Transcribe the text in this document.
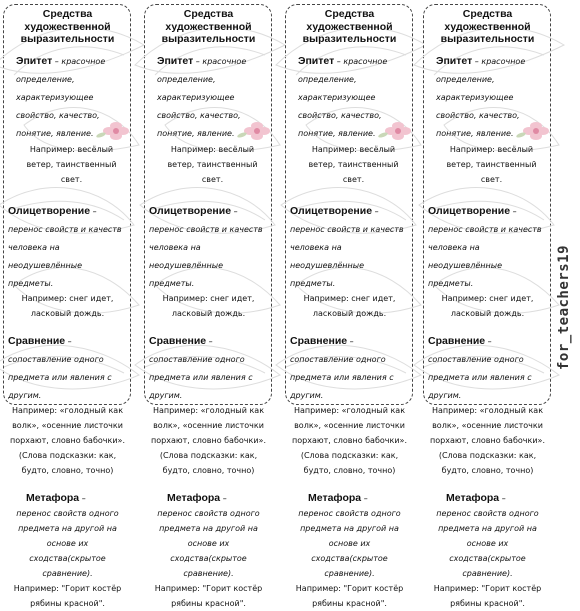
Средства художественной выразительности
Эпитет – красочное определение, характеризующее свойство, качество, понятие, явление.
Например: весёлый ветер, таинственный свет.
Олицетворение – перенос свойств и качеств человека на неодушевлённые предметы.
Например: снег идет, ласковый дождь.
Сравнение –сопоставление одного предмета или явления с другим.
Например: «голодный как волк», «осенние листочки порхают, словно бабочки».
(Слова подсказки: как, будто, словно, точно)
Метафора –
перенос свойств одного предмета на другой на основе их сходства(скрытое сравнение).
Например: "Горит костёр рябины красной".
Средства художественной выразительности
Эпитет – красочное определение, характеризующее свойство, качество, понятие, явление.
Например: весёлый ветер, таинственный свет.
Олицетворение – перенос свойств и качеств человека на неодушевлённые предметы.
Например: снег идет, ласковый дождь.
Сравнение –сопоставление одного предмета или явления с другим.
Например: «голодный как волк», «осенние листочки порхают, словно бабочки».
(Слова подсказки: как, будто, словно, точно)
Метафора –
перенос свойств одного предмета на другой на основе их сходства(скрытое сравнение).
Например: "Горит костёр рябины красной".
Средства художественной выразительности
Эпитет – красочное определение, характеризующее свойство, качество, понятие, явление.
Например: весёлый ветер, таинственный свет.
Олицетворение – перенос свойств и качеств человека на неодушевлённые предметы.
Например: снег идет, ласковый дождь.
Сравнение –сопоставление одного предмета или явления с другим.
Например: «голодный как волк», «осенние листочки порхают, словно бабочки».
(Слова подсказки: как, будто, словно, точно)
Метафора –
перенос свойств одного предмета на другой на основе их сходства(скрытое сравнение).
Например: "Горит костёр рябины красной".
Средства художественной выразительности
Эпитет – красочное определение, характеризующее свойство, качество, понятие, явление.
Например: весёлый ветер, таинственный свет.
Олицетворение – перенос свойств и качеств человека на неодушевлённые предметы.
Например: снег идет, ласковый дождь.
Сравнение –сопоставление одного предмета или явления с другим.
Например: «голодный как волк», «осенние листочки порхают, словно бабочки».
(Слова подсказки: как, будто, словно, точно)
Метафора –
перенос свойств одного предмета на другой на основе их сходства(скрытое сравнение).
Например: "Горит костёр рябины красной".
for_teachers19
